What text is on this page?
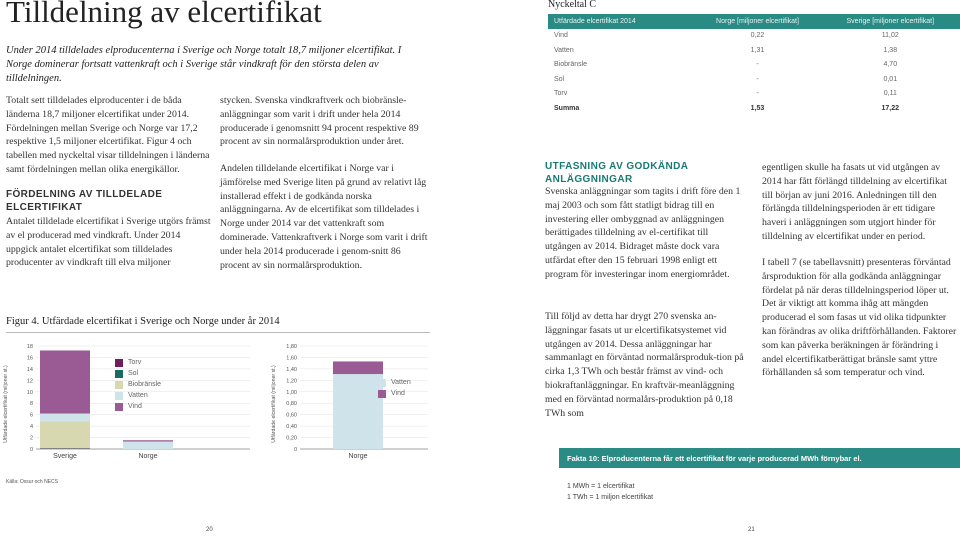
Tilldelning av elcertifikat
Under 2014 tilldelades elproducenterna i Sverige och Norge totalt 18,7 miljoner elcertifikat. I Norge dominerar fortsatt vattenkraft och i Sverige står vindkraft för den största delen av tilldelningen.
Totalt sett tilldelades elproducenter i de båda länderna 18,7 miljoner elcertifikat under 2014. Fördelningen mellan Sverige och Norge var 17,2 respektive 1,5 miljoner elcertifikat. Figur 4 och tabellen med nyckeltal visar tilldelningen i länderna samt fördelningen mellan olika energikällor.
FÖRDELNING AV TILLDELADE ELCERTIFIKAT
Antalet tilldelade elcertifikat i Sverige utgörs främst av el producerad med vindkraft. Under 2014 uppgick antalet elcertifikat som tilldelades producenter av vindkraft till elva miljoner
stycken. Svenska vindkraftverk och biobränsle-anläggningar som varit i drift under hela 2014 producerade i genomsnitt 94 procent respektive 89 procent av sin normalårsproduktion under året.
Andelen tilldelande elcertifikat i Norge var i jämförelse med Sverige liten på grund av relativt låg installerad effekt i de godkända norska anläggningarna. Av de elcertifikat som tilldelades i Norge under 2014 var det vattenkraft som dominerade. Vattenkraftverk i Norge som varit i drift under hela 2014 producerade i genom-snitt 86 procent av sin normalårsproduktion.
Figur 4. Utfärdade elcertifikat i Sverige och Norge under år 2014
Utfärdade elcertifikat (miljoner st.)
0
2
4
6
8
10
12
14
16
18
Sverige	Norge
Torv
Sol
Biobränsle
Vatten
Vind	Utfärdade elcertifikat (miljoner st.)
0
0,20
0,40
0,60
0,80
1,00
1,20
1,40
1,60
1,80
Norge
Vatten
Vind
Källa: Ossur och NECS
20
Nyckeltal C
Utfärdade elcertifikat 2014	Norge [miljoner elcertifikat]	Sverige [miljoner elcertifikat]
Vind	0,22	11,02
Vatten	1,31	1,38
Biobränsle	-	4,70
Sol	-	0,01
Torv	-	0,11
Summa	1,53	17,22
UTFASNING AV GODKÄNDA ANLÄGGNINGAR
Svenska anläggningar som tagits i drift före den 1 maj 2003 och som fått statligt bidrag till en investering eller ombyggnad av anläggningen berättigades tilldelning av el-certifikat till utgången av 2014. Bidraget måste dock vara utfärdat efter den 15 februari 1998 enligt ett program för investeringar inom energiområdet.
Till följd av detta har drygt 270 svenska an-läggningar fasats ut ur elcertifikatsystemet vid utgången av 2014. Dessa anläggningar har sammanlagt en förväntad normalårsproduk-tion på cirka 1,3 TWh och består främst av vind- och biokraftanläggningar. En kraftvär-meanläggning med en förväntad normalårs-produktion på 0,18 TWh som
egentligen skulle ha fasats ut vid utgången av 2014 har fått förlängd tilldelning av elcertifikat till början av juni 2016. Anledningen till den förlängda tilldelningsperioden är ett tidigare haveri i anläggningen som utgjort hinder för tilldelning av elcertifikat under en period.
I tabell 7 (se tabellavsnitt) presenteras förväntad årsproduktion för alla godkända anläggningar fördelat på när deras tilldelningsperiod löper ut. Det är viktigt att komma ihåg att mängden producerad el som fasas ut vid olika tidpunkter kan förändras av olika driftförhållanden. Faktorer som kan påverka beräkningen är förändring i andel elcertifikatberättigat bränsle samt yttre förhållanden så som temperatur och vind.
Fakta 10: Elproducenterna får ett elcertifikat för varje producerad MWh förnybar el.
1 MWh = 1 elcertifikat
1 TWh = 1 miljon elcertifikat
21
